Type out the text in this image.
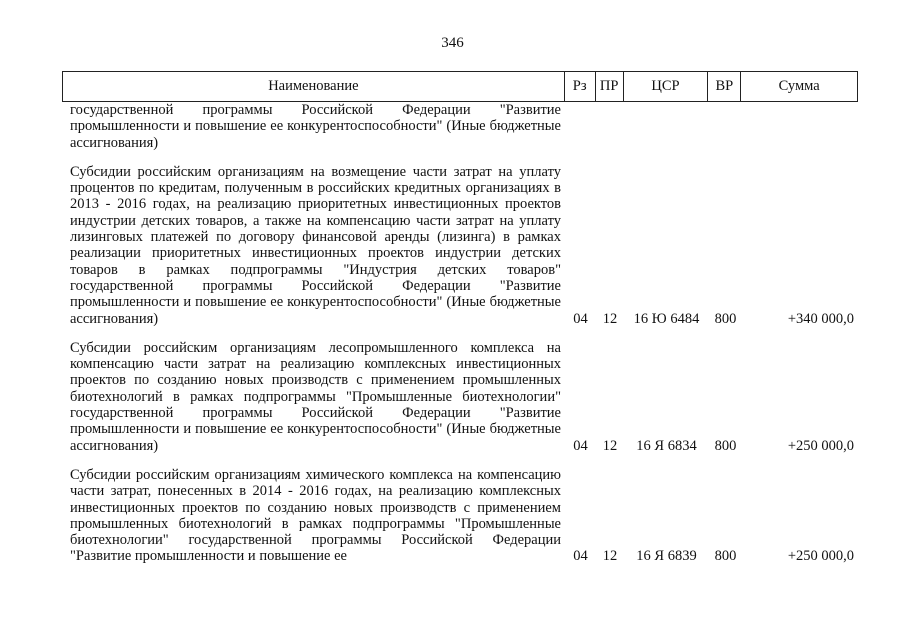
346
Наименование	Рз ПР	ЦСР	ВР	Сумма
государственной программы Российской Федерации "Развитие промышленности и повышение ее конкурентоспособности" (Иные бюджетные ассигнования)
Субсидии российским организациям на возмещение части затрат на уплату процентов по кредитам, полученным в российских кредитных организациях в 2013 - 2016 годах, на реализацию приоритетных инвестиционных проектов индустрии детских товаров, а также на компенсацию части затрат на уплату лизинговых платежей по договору финансовой аренды (лизинга) в рамках реализации приоритетных инвестиционных проектов индустрии детских товаров в рамках подпрограммы "Индустрия детских товаров" государственной программы Российской Федерации "Развитие промышленности и повышение ее конкурентоспособности" (Иные бюджетные ассигнования)	04	12	16 Ю 6484	800	+340 000,0
Субсидии российским организациям лесопромышленного комплекса на компенсацию части затрат на реализацию комплексных инвестиционных проектов по созданию новых производств с применением промышленных биотехнологий в рамках подпрограммы "Промышленные биотехнологии" государственной программы Российской Федерации "Развитие промышленности и повышение ее конкурентоспособности" (Иные бюджетные ассигнования)	04	12	16 Я 6834	800	+250 000,0
Субсидии российским организациям химического комплекса на компенсацию части затрат, понесенных в 2014 - 2016 годах, на реализацию комплексных инвестиционных проектов по созданию новых производств с применением промышленных биотехнологий в рамках подпрограммы "Промышленные биотехнологии" государственной программы Российской Федерации "Развитие промышленности и повышение ее	04	12	16 Я 6839	800	+250 000,0
